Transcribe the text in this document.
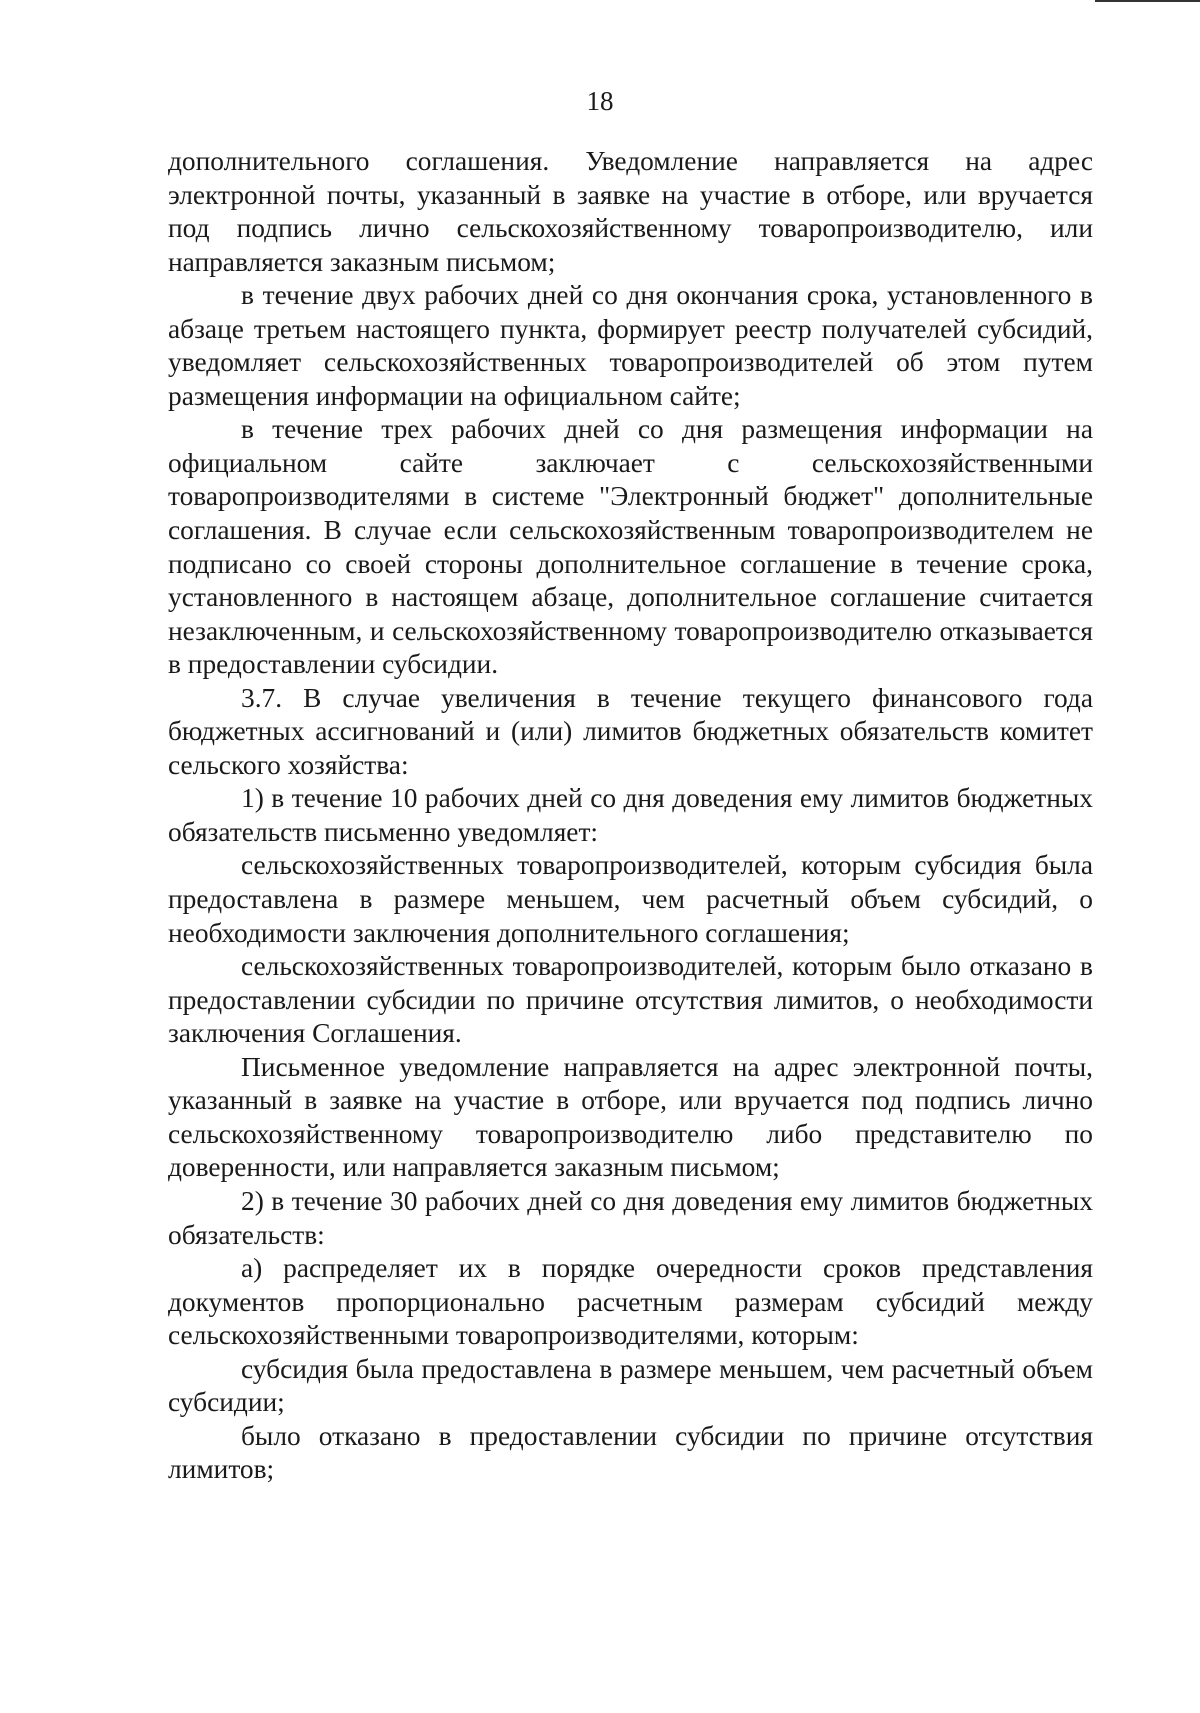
18

дополнительного соглашения. Уведомление направляется на адрес электронной почты, указанный в заявке на участие в отборе, или вручается под подпись лично сельскохозяйственному товаропроизводителю, или направляется заказным письмом;

в течение двух рабочих дней со дня окончания срока, установленного в абзаце третьем настоящего пункта, формирует реестр получателей субсидий, уведомляет сельскохозяйственных товаропроизводителей об этом путем размещения информации на официальном сайте;

в течение трех рабочих дней со дня размещения информации на официальном сайте заключает с сельскохозяйственными товаропроизводителями в системе "Электронный бюджет" дополнительные соглашения. В случае если сельскохозяйственным товаропроизводителем не подписано со своей стороны дополнительное соглашение в течение срока, установленного в настоящем абзаце, дополнительное соглашение считается незаключенным, и сельскохозяйственному товаропроизводителю отказывается в предоставлении субсидии.

3.7. В случае увеличения в течение текущего финансового года бюджетных ассигнований и (или) лимитов бюджетных обязательств комитет сельского хозяйства:

1) в течение 10 рабочих дней со дня доведения ему лимитов бюджетных обязательств письменно уведомляет:

сельскохозяйственных товаропроизводителей, которым субсидия была предоставлена в размере меньшем, чем расчетный объем субсидий, о необходимости заключения дополнительного соглашения;

сельскохозяйственных товаропроизводителей, которым было отказано в предоставлении субсидии по причине отсутствия лимитов, о необходимости заключения Соглашения.

Письменное уведомление направляется на адрес электронной почты, указанный в заявке на участие в отборе, или вручается под подпись лично сельскохозяйственному товаропроизводителю либо представителю по доверенности, или направляется заказным письмом;

2) в течение 30 рабочих дней со дня доведения ему лимитов бюджетных обязательств:

а) распределяет их в порядке очередности сроков представления документов пропорционально расчетным размерам субсидий между сельскохозяйственными товаропроизводителями, которым:

субсидия была предоставлена в размере меньшем, чем расчетный объем субсидии;

было отказано в предоставлении субсидии по причине отсутствия лимитов;
